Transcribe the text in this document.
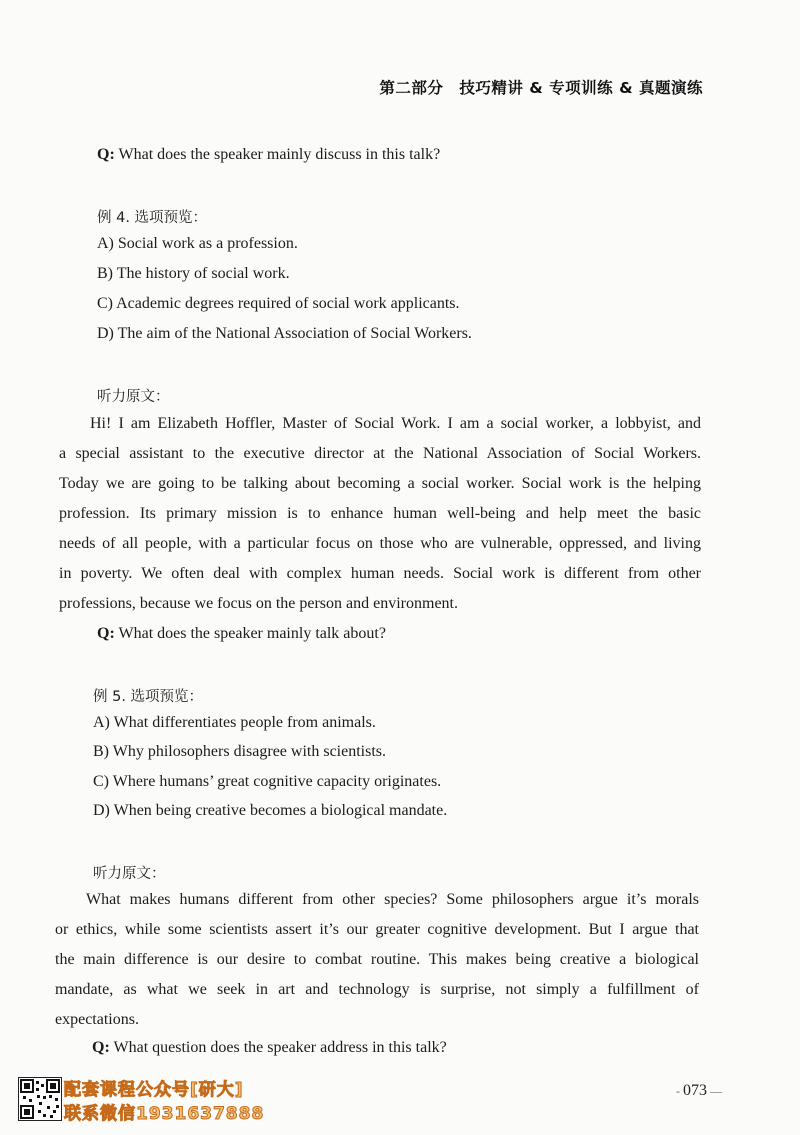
第二部分　技巧精讲 & 专项训练 & 真题演练
Q: What does the speaker mainly discuss in this talk?
例 4. 选项预览：
A) Social work as a profession.
B) The history of social work.
C) Academic degrees required of social work applicants.
D) The aim of the National Association of Social Workers.
听力原文：
Hi! I am Elizabeth Hoffler, Master of Social Work. I am a social worker, a lobbyist, and
a special assistant to the executive director at the National Association of Social Workers.
Today we are going to be talking about becoming a social worker. Social work is the helping
profession. Its primary mission is to enhance human well-being and help meet the basic
needs of all people, with a particular focus on those who are vulnerable, oppressed, and living
in poverty. We often deal with complex human needs. Social work is different from other
professions, because we focus on the person and environment.
Q: What does the speaker mainly talk about?
例 5. 选项预览：
A) What differentiates people from animals.
B) Why philosophers disagree with scientists.
C) Where humans’ great cognitive capacity originates.
D) When being creative becomes a biological mandate.
听力原文：
What makes humans different from other species? Some philosophers argue it’s morals
or ethics, while some scientists assert it’s our greater cognitive development. But I argue that
the main difference is our desire to combat routine. This makes being creative a biological
mandate, as what we seek in art and technology is surprise, not simply a fulfillment of
expectations.
Q: What question does the speaker address in this talk?
配套课程公众号[研大]
联系微信1931637888
- 073 —
